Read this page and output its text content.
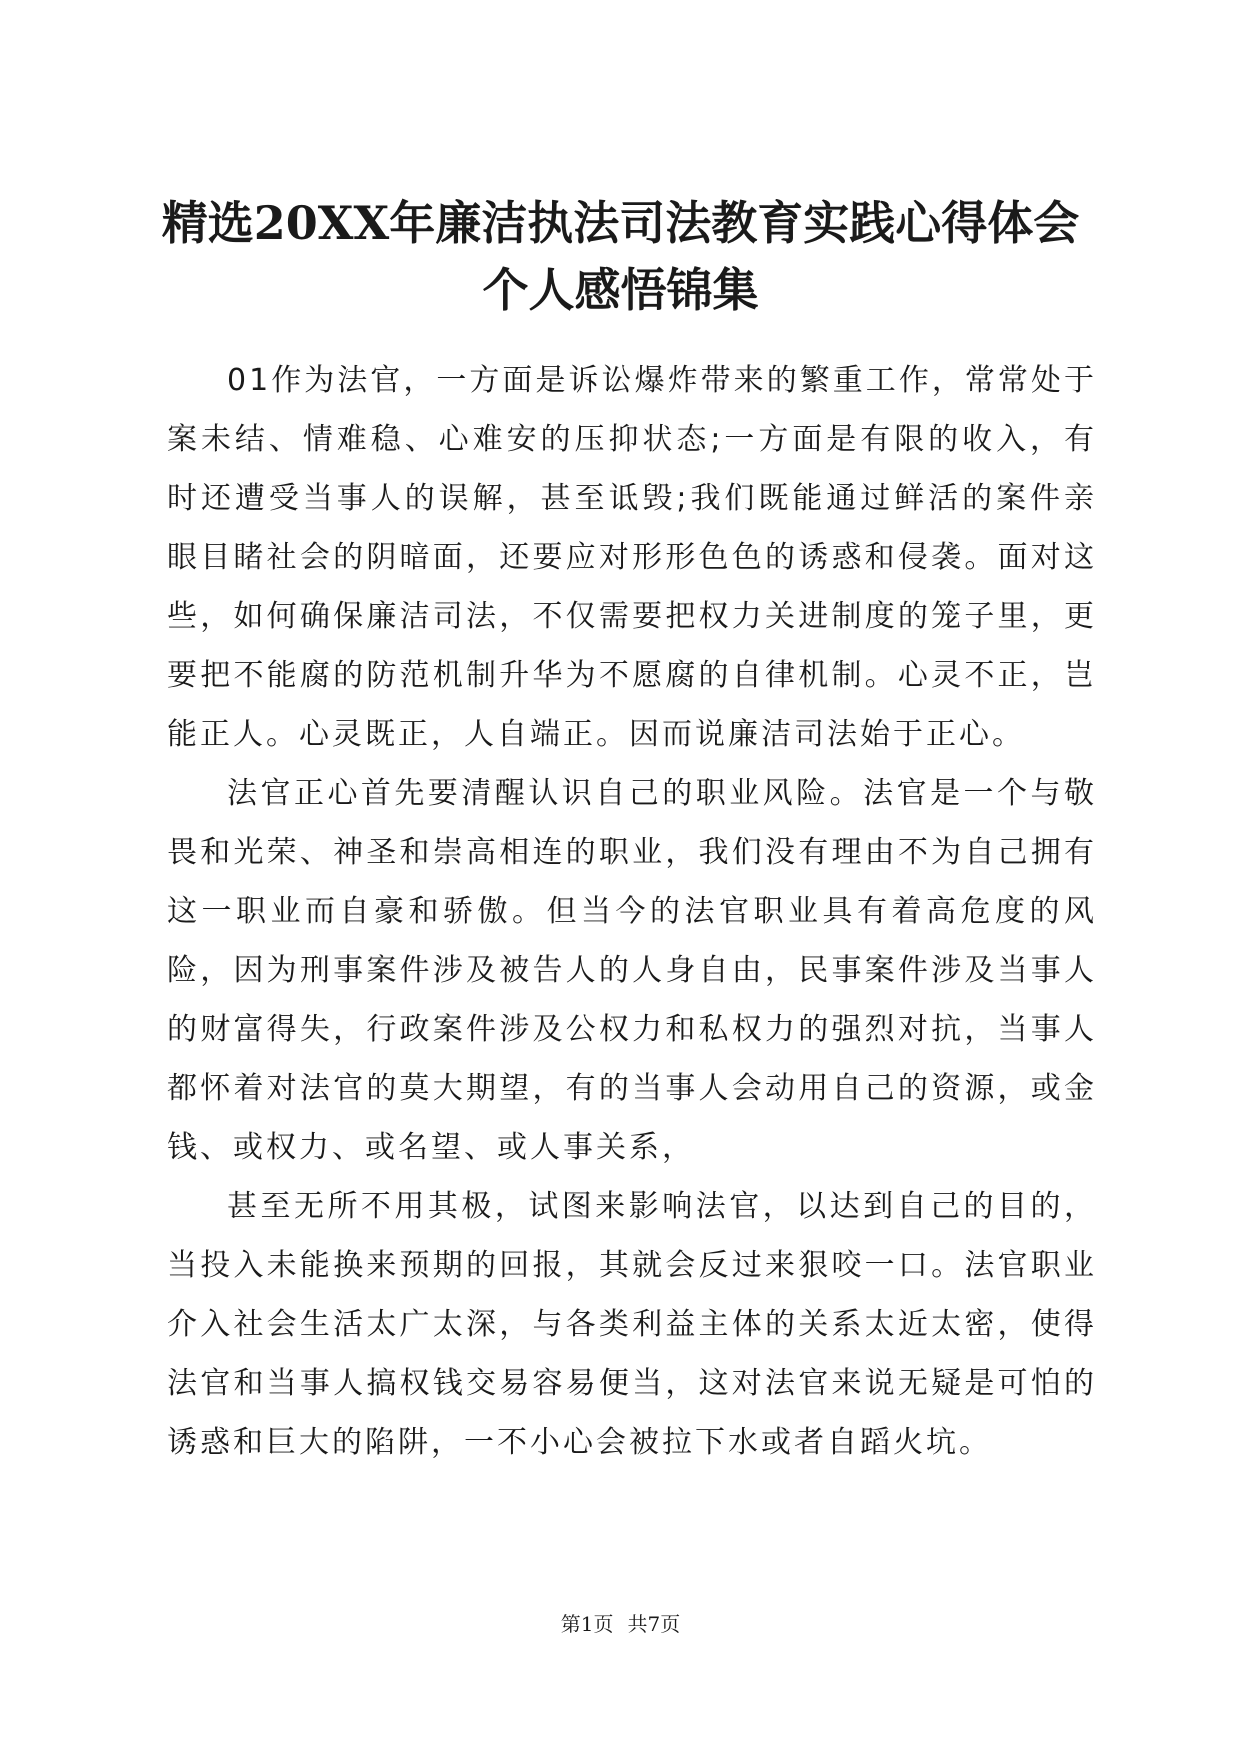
精选20XX年廉洁执法司法教育实践心得体会
个人感悟锦集

01作为法官，一方面是诉讼爆炸带来的繁重工作，常常处于案未结、情难稳、心难安的压抑状态;一方面是有限的收入，有时还遭受当事人的误解，甚至诋毁;我们既能通过鲜活的案件亲眼目睹社会的阴暗面，还要应对形形色色的诱惑和侵袭。面对这些，如何确保廉洁司法，不仅需要把权力关进制度的笼子里，更要把不能腐的防范机制升华为不愿腐的自律机制。心灵不正，岂能正人。心灵既正，人自端正。因而说廉洁司法始于正心。

法官正心首先要清醒认识自己的职业风险。法官是一个与敬畏和光荣、神圣和崇高相连的职业，我们没有理由不为自己拥有这一职业而自豪和骄傲。但当今的法官职业具有着高危度的风险，因为刑事案件涉及被告人的人身自由，民事案件涉及当事人的财富得失，行政案件涉及公权力和私权力的强烈对抗，当事人都怀着对法官的莫大期望，有的当事人会动用自己的资源，或金钱、或权力、或名望、或人事关系，

甚至无所不用其极，试图来影响法官，以达到自己的目的，当投入未能换来预期的回报，其就会反过来狠咬一口。法官职业介入社会生活太广太深，与各类利益主体的关系太近太密，使得法官和当事人搞权钱交易容易便当，这对法官来说无疑是可怕的诱惑和巨大的陷阱，一不小心会被拉下水或者自蹈火坑。

第1页 共7页
